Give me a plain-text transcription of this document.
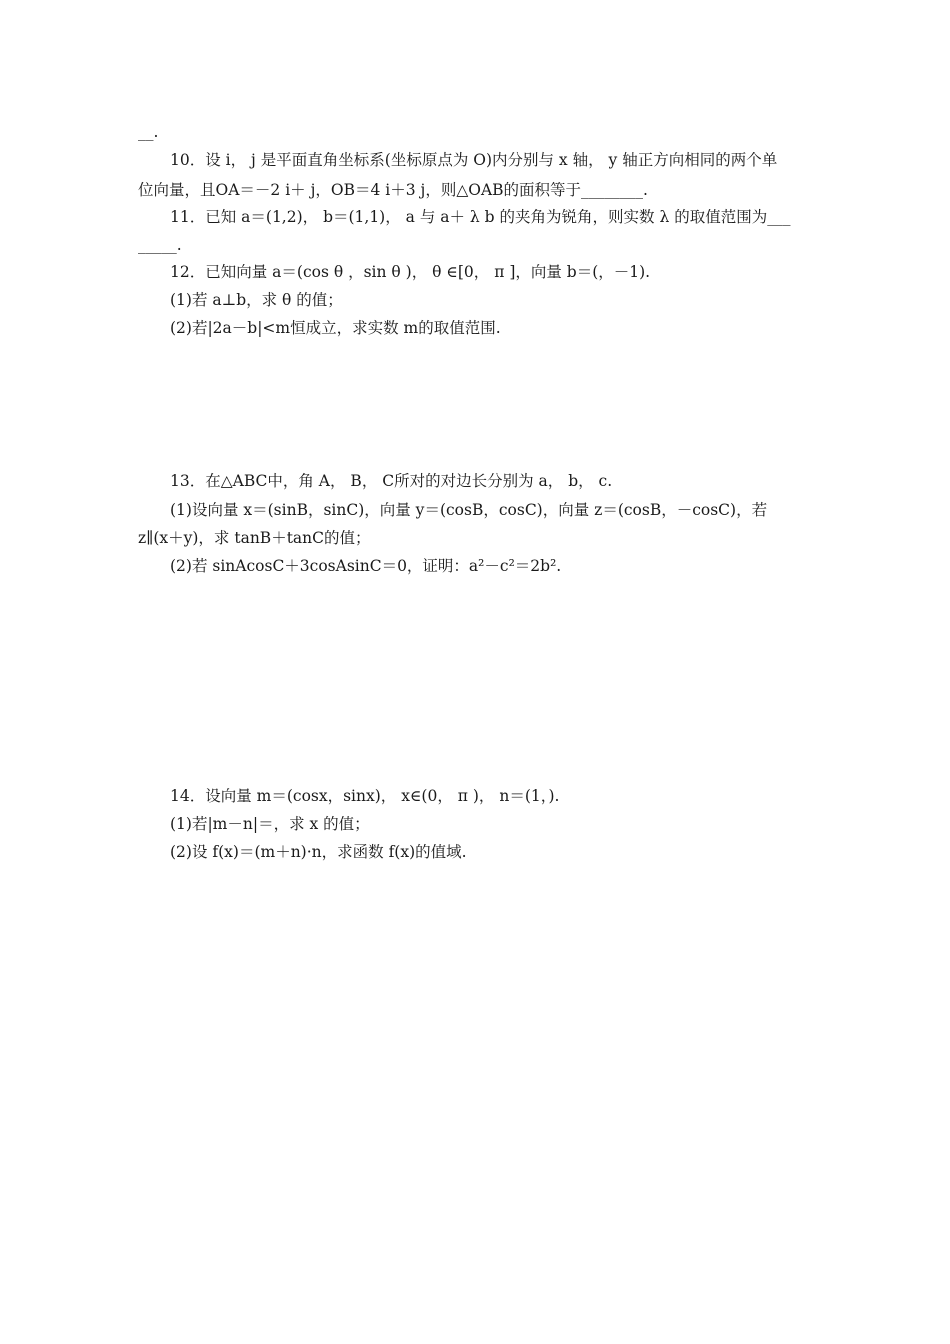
__.
10．设 i， j 是平面直角坐标系(坐标原点为 O)内分别与 x 轴， y 轴正方向相同的两个单
位向量，且OA＝－2 i＋ j，OB＝4 i＋3 j，则△OAB的面积等于________.
11．已知 a＝(1,2)， b＝(1,1)， a 与 a＋ λ b 的夹角为锐角，则实数 λ 的取值范围为___
_____.
12．已知向量 a＝(cos θ ，sin θ )， θ ∈[0， π ]，向量 b＝(，－1).
(1)若 a⊥b，求 θ 的值；
(2)若|2a－b|<m恒成立，求实数 m的取值范围.
13．在△ABC中，角 A， B， C所对的对边长分别为 a， b， c.
(1)设向量 x＝(sinB，sinC)，向量 y＝(cosB，cosC)，向量 z＝(cosB，－cosC)，若
z∥(x＋y)，求 tanB＋tanC的值；
(2)若 sinAcosC＋3cosAsinC＝0，证明：a²－c²＝2b².
14．设向量 m＝(cosx，sinx)， x∈(0， π )， n＝(1，).
(1)若|m－n|＝，求 x 的值；
(2)设 f(x)＝(m＋n)·n，求函数 f(x)的值域.
